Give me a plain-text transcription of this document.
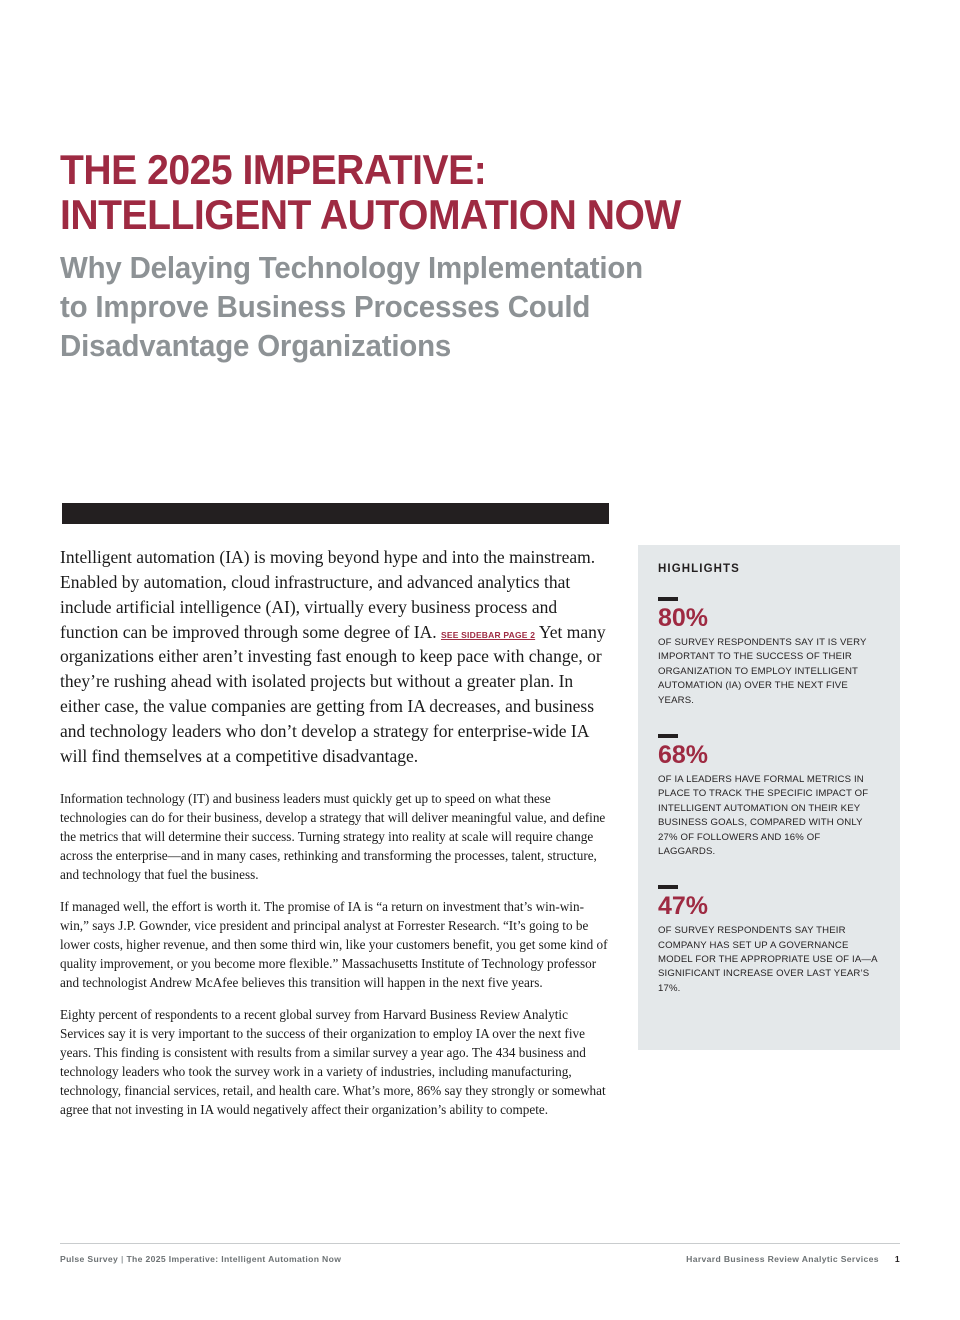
THE 2025 IMPERATIVE:
INTELLIGENT AUTOMATION NOW
Why Delaying Technology Implementation
to Improve Business Processes Could
Disadvantage Organizations

Intelligent automation (IA) is moving beyond hype and into the mainstream. Enabled by automation, cloud infrastructure, and advanced analytics that include artificial intelligence (AI), virtually every business process and function can be improved through some degree of IA. SEE SIDEBAR PAGE 2 Yet many organizations either aren’t investing fast enough to keep pace with change, or they’re rushing ahead with isolated projects but without a greater plan. In either case, the value companies are getting from IA decreases, and business and technology leaders who don’t develop a strategy for enterprise-wide IA will find themselves at a competitive disadvantage.

Information technology (IT) and business leaders must quickly get up to speed on what these technologies can do for their business, develop a strategy that will deliver meaningful value, and define the metrics that will determine their success. Turning strategy into reality at scale will require change across the enterprise—and in many cases, rethinking and transforming the processes, talent, structure, and technology that fuel the business.

If managed well, the effort is worth it. The promise of IA is “a return on investment that’s win-win-win,” says J.P. Gownder, vice president and principal analyst at Forrester Research. “It’s going to be lower costs, higher revenue, and then some third win, like your customers benefit, you get some kind of quality improvement, or you become more flexible.” Massachusetts Institute of Technology professor and technologist Andrew McAfee believes this transition will happen in the next five years.

Eighty percent of respondents to a recent global survey from Harvard Business Review Analytic Services say it is very important to the success of their organization to employ IA over the next five years. This finding is consistent with results from a similar survey a year ago. The 434 business and technology leaders who took the survey work in a variety of industries, including manufacturing, technology, financial services, retail, and health care. What’s more, 86% say they strongly or somewhat agree that not investing in IA would negatively affect their organization’s ability to compete.

HIGHLIGHTS
80%

OF SURVEY RESPONDENTS SAY IT IS VERY IMPORTANT TO THE SUCCESS OF THEIR ORGANIZATION TO EMPLOY INTELLIGENT AUTOMATION (IA) OVER THE NEXT FIVE YEARS.

68%

OF IA LEADERS HAVE FORMAL METRICS IN PLACE TO TRACK THE SPECIFIC IMPACT OF INTELLIGENT AUTOMATION ON THEIR KEY BUSINESS GOALS, COMPARED WITH ONLY 27% OF FOLLOWERS AND 16% OF LAGGARDS.

47%

OF SURVEY RESPONDENTS SAY THEIR COMPANY HAS SET UP A GOVERNANCE MODEL FOR THE APPROPRIATE USE OF IA—A SIGNIFICANT INCREASE OVER LAST YEAR’S 17%.

Pulse Survey | The 2025 Imperative: Intelligent Automation Now	Harvard Business Review Analytic Services 1
